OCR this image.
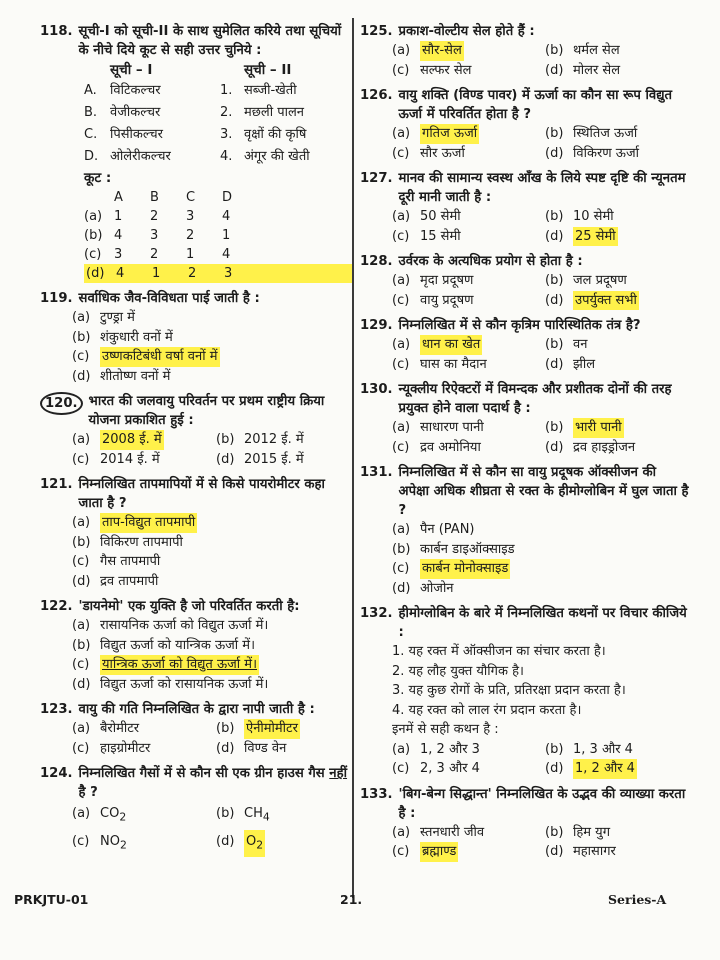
118. सूची-I को सूची-II के साथ सुमेलित करिये तथा सूचियों के नीचे दिये कूट से सही उत्तर चुनिये :
सूची – I	सूची – II
A.	विटिकल्चर	1. सब्जी-खेती
B. वेजीकल्चर	2. मछली पालन
C. पिसीकल्चर	3. वृक्षों की कृषि
D. ओलेरीकल्चर	4. अंगूर की खेती
कूट :
A	B	C	D
(a) 1	2	3	4
(b) 4	3	2	1
(c) 3	2	1	4
(d) 4	1	2	3
119. सर्वाधिक जैव-विविधता पाई जाती है :
(a) टुण्ड्रा में
(b) शंकुधारी वनों में
(c) उष्णकटिबंधी वर्षा वनों में
(d) शीतोष्ण वनों में
120. भारत की जलवायु परिवर्तन पर प्रथम राष्ट्रीय क्रिया योजना प्रकाशित हुई :
(a) 2008 ई. में	(b) 2012 ई. में
(c) 2014 ई. में	(d) 2015 ई. में
121. निम्नलिखित तापमापियों में से किसे पायरोमीटर कहा जाता है ?
(a) ताप-विद्युत तापमापी
(b) विकिरण तापमापी
(c) गैस तापमापी
(d) द्रव तापमापी
122. 'डायनेमो' एक युक्ति है जो परिवर्तित करती है:
(a) रासायनिक ऊर्जा को विद्युत ऊर्जा में।
(b) विद्युत ऊर्जा को यान्त्रिक ऊर्जा में।
(c) यान्त्रिक ऊर्जा को विद्युत ऊर्जा में।
(d) विद्युत ऊर्जा को रासायनिक ऊर्जा में।
123. वायु की गति निम्नलिखित के द्वारा नापी जाती है :
(a) बैरोमीटर	(b) ऐनीमोमीटर
(c) हाइग्रोमीटर	(d) विण्ड वेन
124. निम्नलिखित गैसों में से कौन सी एक ग्रीन हाउस गैस नहीं है ?
(a) $CO_2$	(b) $CH_4$
(c) $NO_2$	(d) $O_2$
125. प्रकाश-वोल्टीय सेल होते हैं :
(a) सौर-सेल	(b) थर्मल सेल
(c) सल्फर सेल	(d) मोलर सेल
126. वायु शक्ति (विण्ड पावर) में ऊर्जा का कौन सा रूप विद्युत ऊर्जा में परिवर्तित होता है ?
(a) गतिज ऊर्जा	(b) स्थितिज ऊर्जा
(c) सौर ऊर्जा	(d) विकिरण ऊर्जा
127. मानव की सामान्य स्वस्थ आँख के लिये स्पष्ट दृष्टि की न्यूनतम दूरी मानी जाती है :
(a) 50 सेमी	(b) 10 सेमी
(c) 15 सेमी	(d) 25 सेमी
128. उर्वरक के अत्यधिक प्रयोग से होता है :
(a) मृदा प्रदूषण	(b) जल प्रदूषण
(c) वायु प्रदूषण	(d) उपर्युक्त सभी
129. निम्नलिखित में से कौन कृत्रिम पारिस्थितिक तंत्र है?
(a) धान का खेत	(b) वन
(c) घास का मैदान	(d) झील
130. न्यूक्लीय रिऐक्टरों में विमन्दक और प्रशीतक दोनों की तरह प्रयुक्त होने वाला पदार्थ है :
(a) साधारण पानी	(b) भारी पानी
(c) द्रव अमोनिया	(d) द्रव हाइड्रोजन
131. निम्नलिखित में से कौन सा वायु प्रदूषक ऑक्सीजन की अपेक्षा अधिक शीघ्रता से रक्त के हीमोग्लोबिन में घुल जाता है ?
(a) पैन (PAN)
(b) कार्बन डाइऑक्साइड
(c) कार्बन मोनोक्साइड
(d) ओजोन
132. हीमोग्लोबिन के बारे में निम्नलिखित कथनों पर विचार कीजिये :
1. यह रक्त में ऑक्सीजन का संचार करता है।
2. यह लौह युक्त यौगिक है।
3. यह कुछ रोगों के प्रति, प्रतिरक्षा प्रदान करता है।
4. यह रक्त को लाल रंग प्रदान करता है।
इनमें से सही कथन है :
(a) 1, 2 और 3	(b) 1, 3 और 4
(c) 2, 3 और 4	(d) 1, 2 और 4
133. 'बिग-बेन्ग सिद्धान्त' निम्नलिखित के उद्भव की व्याख्या करता है :
(a) स्तनधारी जीव	(b) हिम युग
(c) ब्रह्माण्ड	(d) महासागर
PRKJTU-01	21.	Series-A
